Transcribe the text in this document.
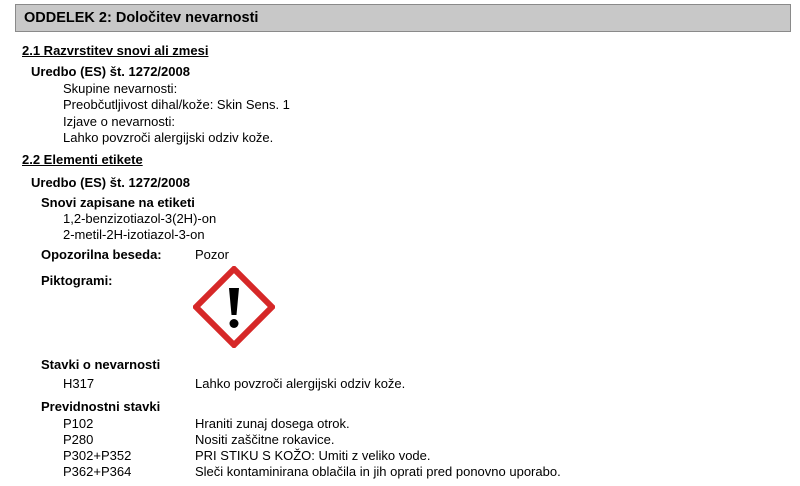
ODDELEK 2: Določitev nevarnosti
2.1 Razvrstitev snovi ali zmesi
Uredbo (ES) št. 1272/2008
Skupine nevarnosti:
Preobčutljivost dihal/kože: Skin Sens. 1
Izjave o nevarnosti:
Lahko povzroči alergijski odziv kože.
2.2 Elementi etikete
Uredbo (ES) št. 1272/2008
Snovi zapisane na etiketi
1,2-benzizotiazol-3(2H)-on
2-metil-2H-izotiazol-3-on
Opozorilna beseda:	Pozor
Piktogrami:
Stavki o nevarnosti
H317	Lahko povzroči alergijski odziv kože.
Previdnostni stavki
P102	Hraniti zunaj dosega otrok.
P280	Nositi zaščitne rokavice.
P302+P352	PRI STIKU S KOŽO: Umiti z veliko vode.
P362+P364	Sleči kontaminirana oblačila in jih oprati pred ponovno uporabo.
